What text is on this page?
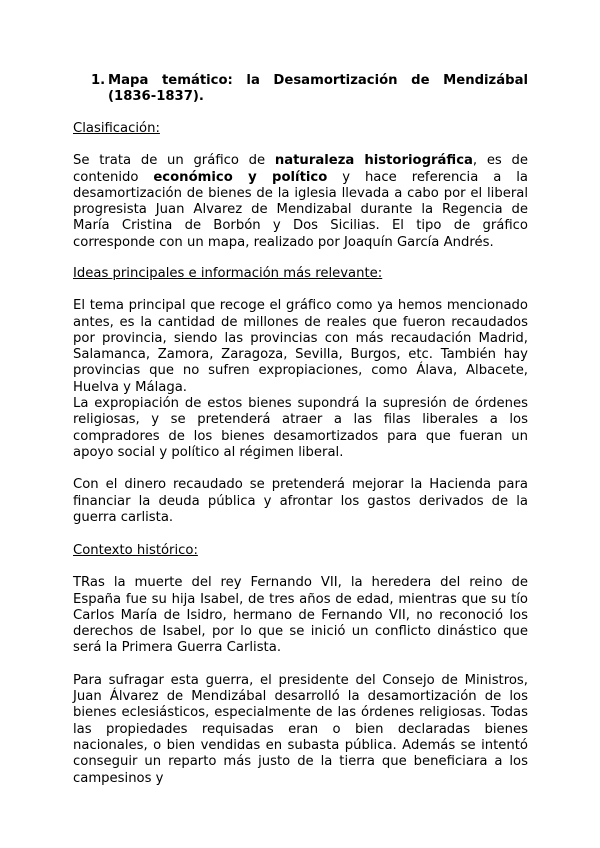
1. Mapa temático: la Desamortización de Mendizábal (1836-1837).
Clasificación:

Se trata de un gráfico de naturaleza historiográfica, es de contenido económico y político y hace referencia a la desamortización de bienes de la iglesia llevada a cabo por el liberal progresista Juan Alvarez de Mendizabal durante la Regencia de María Cristina de Borbón y Dos Sicilias. El tipo de gráfico corresponde con un mapa, realizado por Joaquín García Andrés.

Ideas principales e información más relevante:

El tema principal que recoge el gráfico como ya hemos mencionado antes, es la cantidad de millones de reales que fueron recaudados por provincia, siendo las provincias con más recaudación Madrid, Salamanca, Zamora, Zaragoza, Sevilla, Burgos, etc. También hay provincias que no sufren expropiaciones, como Álava, Albacete, Huelva y Málaga.

La expropiación de estos bienes supondrá la supresión de órdenes religiosas, y se pretenderá atraer a las filas liberales a los compradores de los bienes desamortizados para que fueran un apoyo social y político al régimen liberal.

Con el dinero recaudado se pretenderá mejorar la Hacienda para financiar la deuda pública y afrontar los gastos derivados de la guerra carlista.

Contexto histórico:

TRas la muerte del rey Fernando VII, la heredera del reino de España fue su hija Isabel, de tres años de edad, mientras que su tío Carlos María de Isidro, hermano de Fernando VII, no reconoció los derechos de Isabel, por lo que se inició un conflicto dinástico que será la Primera Guerra Carlista.

Para sufragar esta guerra, el presidente del Consejo de Ministros, Juan Álvarez de Mendizábal desarrolló la desamortización de los bienes eclesiásticos, especialmente de las órdenes religiosas. Todas las propiedades requisadas eran o bien declaradas bienes nacionales, o bien vendidas en subasta pública. Además se intentó conseguir un reparto más justo de la tierra que beneficiara a los campesinos y
